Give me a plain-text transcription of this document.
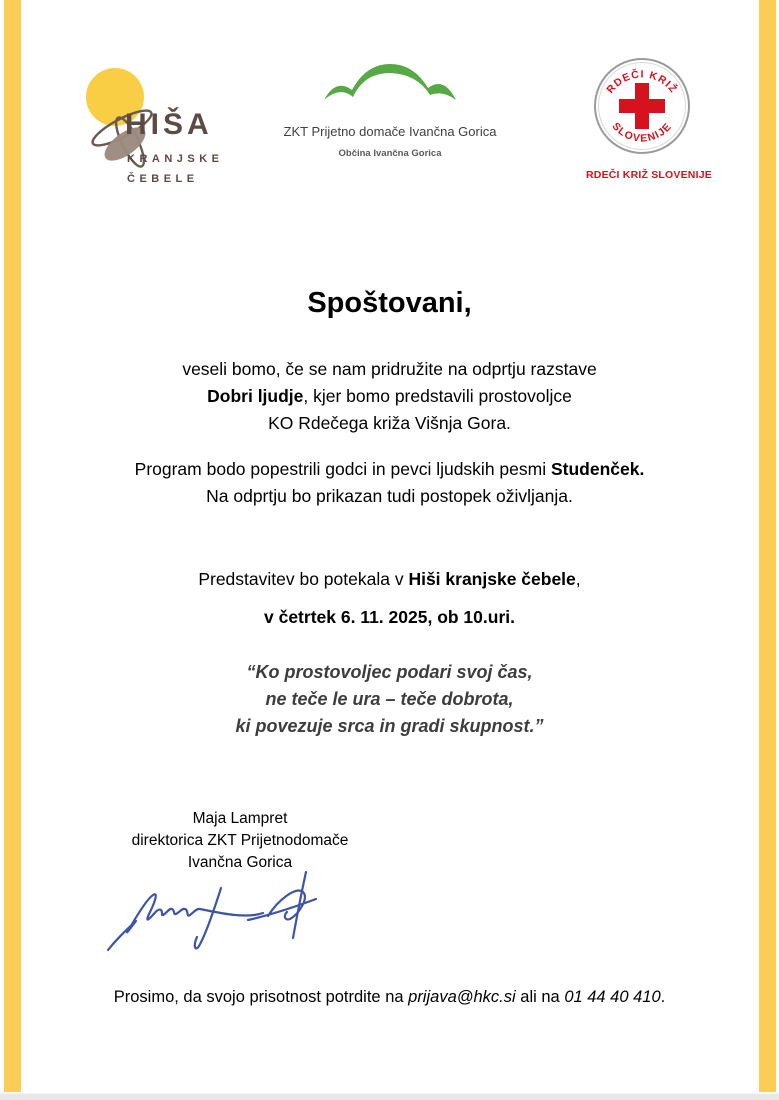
HIŠA
KRANJSKE
ČEBELE
ZKT Prijetno domače Ivančna Gorica
Občina Ivančna Gorica
RDEČI KRIŽ
SLOVENIJE
RDEČI KRIŽ SLOVENIJE
Spoštovani,
veseli bomo, če se nam pridružite na odprtju razstave
Dobri ljudje, kjer bomo predstavili prostovoljce
KO Rdečega križa Višnja Gora.
Program bodo popestrili godci in pevci ljudskih pesmi Studenček.
Na odprtju bo prikazan tudi postopek oživljanja.
Predstavitev bo potekala v Hiši kranjske čebele,
v četrtek 6. 11. 2025, ob 10.uri.
“Ko prostovoljec podari svoj čas,
ne teče le ura – teče dobrota,
ki povezuje srca in gradi skupnost.”
Maja Lampret
direktorica ZKT Prijetnodomače
Ivančna Gorica
Prosimo, da svojo prisotnost potrdite na prijava@hkc.si ali na 01 44 40 410.
